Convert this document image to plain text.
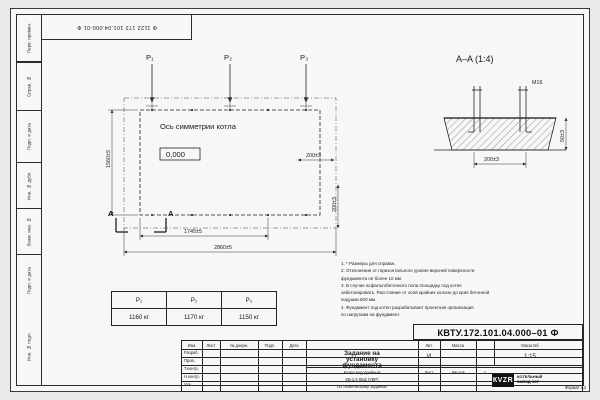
Перв. примен.
Справ. №
Подп. и дата
Инв. № дубл.
Взам. инв. №
Подп. и дата
Инв. № подл.
Ф 1122 172 101.04.000-01 Ф
P₁	P₂	P₃
Ось симметрии котла
0,000
1560±5
A	A
200±3
200±3
1745±5
2860±5
A–A (1:4)
M16
200±3
50±3
P₁	P₂	P₃
1160 кг	1170 кг	1150 кг
1. * Размеры для справок.
2. Отклонение от горизонтального уровня верхней поверхности
фундамента не более 10 мм.
3. В случае асфальтобетонного пола площадку под котел
забетонировать. Расстояние от осей крайних колонн до края бетонной
подушки 500 мм.
4. Фундамент под котел разрабатывает проектная организация
по нагрузкам на фундамент.
КВТУ.172.101.04.000–01 Ф
Изм.	Лист	№ докум.	Подп.	Дата
Разраб.
Пров.
Т.контр.
Н.контр.
Утв.
Задание на
установку
фундамента
Лит.	Масса	Масштаб
И	1:15
Лист	Листов	1
Котел водогрейный
КВ-2,5 КБД (УВР)
по техническому заданию
КVZR КОТЕЛЬНЫЙ
ЗАВОД КЗР
Формат А3
